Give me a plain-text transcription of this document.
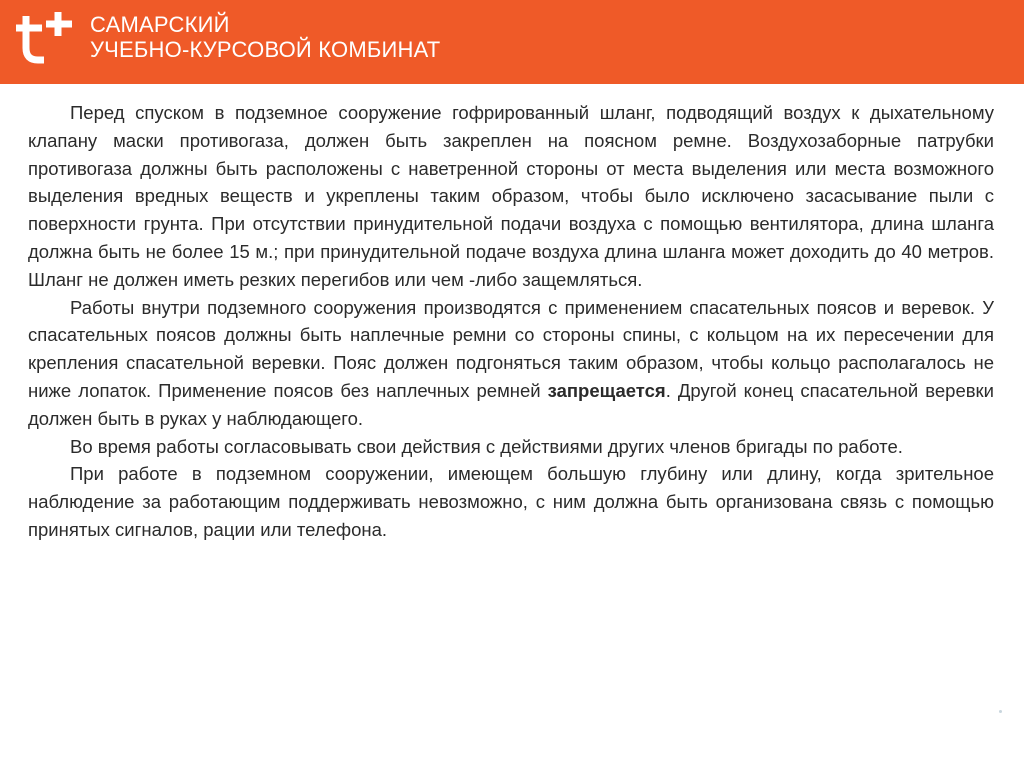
САМАРСКИЙ
УЧЕБНО-КУРСОВОЙ КОМБИНАТ

Перед спуском в подземное сооружение гофрированный шланг, подводящий воздух к дыхательному клапану маски противогаза, должен быть закреплен на поясном ремне. Воздухозаборные патрубки противогаза должны быть расположены с наветренной стороны от места выделения или места возможного выделения вредных веществ и укреплены таким образом, чтобы было исключено засасывание пыли с поверхности грунта. При отсутствии принудительной подачи воздуха с помощью вентилятора, длина шланга должна быть не более 15 м.; при принудительной подаче воздуха длина шланга может доходить до 40 метров. Шланг не должен иметь резких перегибов или чем -либо защемляться.

Работы внутри подземного сооружения производятся с применением спасательных поясов и веревок. У спасательных поясов должны быть наплечные ремни со стороны спины, с кольцом на их пересечении для крепления спасательной веревки. Пояс должен подгоняться таким образом, чтобы кольцо располагалось не ниже лопаток. Применение поясов без наплечных ремней запрещается. Другой конец спасательной веревки должен быть в руках у наблюдающего.

Во время работы согласовывать свои действия с действиями других членов бригады по работе.

При работе в подземном сооружении, имеющем большую глубину или длину, когда зрительное наблюдение за работающим поддерживать невозможно, с ним должна быть организована связь с помощью принятых сигналов, рации или телефона.
